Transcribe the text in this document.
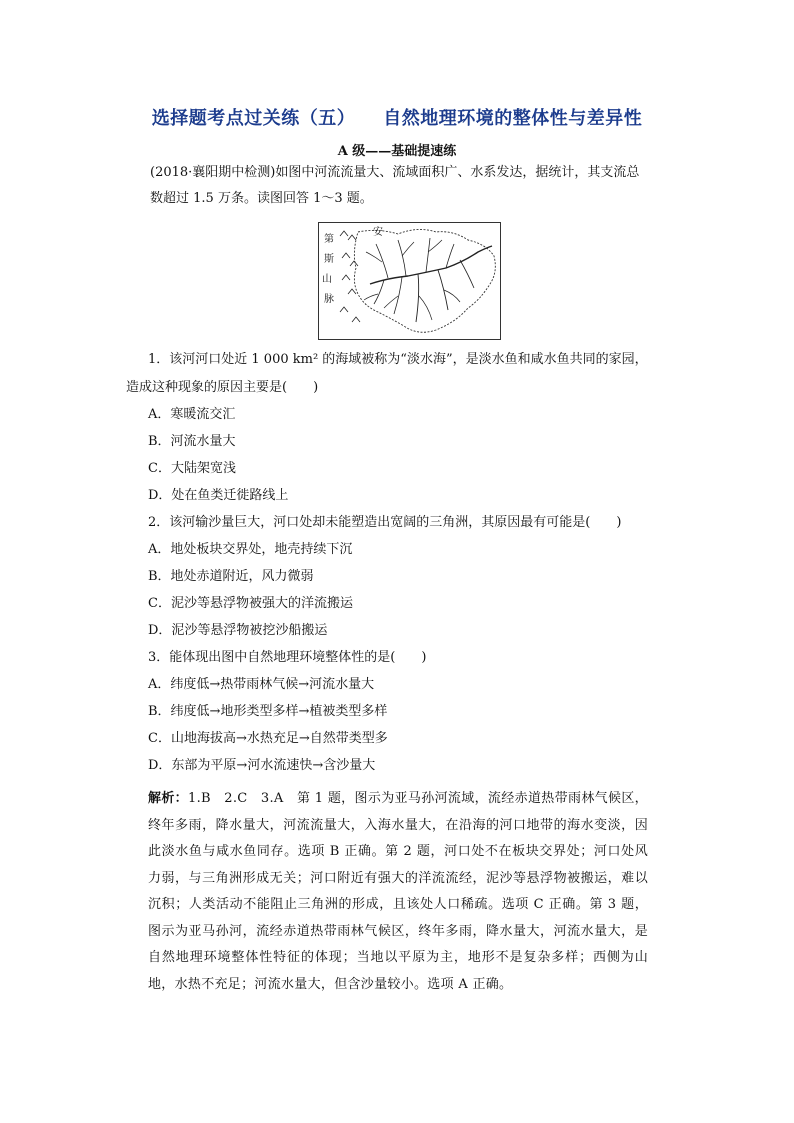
选择题考点过关练（五） 自然地理环境的整体性与差异性
A 级——基础提速练

(2018·襄阳期中检测)如图中河流流量大、流域面积广、水系发达，据统计，其支流总

数超过 1.5 万条。读图回答 1～3 题。

安
第
斯
山
脉
1．该河河口处近 1 000 km² 的海域被称为“淡水海”，是淡水鱼和咸水鱼共同的家园，
造成这种现象的原因主要是(　　)
A．寒暖流交汇
B．河流水量大
C．大陆架宽浅
D．处在鱼类迁徙路线上
2．该河输沙量巨大，河口处却未能塑造出宽阔的三角洲，其原因最有可能是(　　)
A．地处板块交界处，地壳持续下沉
B．地处赤道附近，风力微弱
C．泥沙等悬浮物被强大的洋流搬运
D．泥沙等悬浮物被挖沙船搬运
3．能体现出图中自然地理环境整体性的是(　　)
A．纬度低→热带雨林气候→河流水量大
B．纬度低→地形类型多样→植被类型多样
C．山地海拔高→水热充足→自然带类型多
D．东部为平原→河水流速快→含沙量大
解析：1.B　2.C　3.A　第 1 题，图示为亚马孙河流域，流经赤道热带雨林气候区，终年多雨，降水量大，河流流量大，入海水量大，在沿海的河口地带的海水变淡，因此淡水鱼与咸水鱼同存。选项 B 正确。第 2 题，河口处不在板块交界处；河口处风力弱，与三角洲形成无关；河口附近有强大的洋流流经，泥沙等悬浮物被搬运，难以沉积；人类活动不能阻止三角洲的形成，且该处人口稀疏。选项 C 正确。第 3 题，图示为亚马孙河，流经赤道热带雨林气候区，终年多雨，降水量大，河流水量大，是自然地理环境整体性特征的体现；当地以平原为主，地形不是复杂多样；西侧为山地，水热不充足；河流水量大，但含沙量较小。选项 A 正确。
